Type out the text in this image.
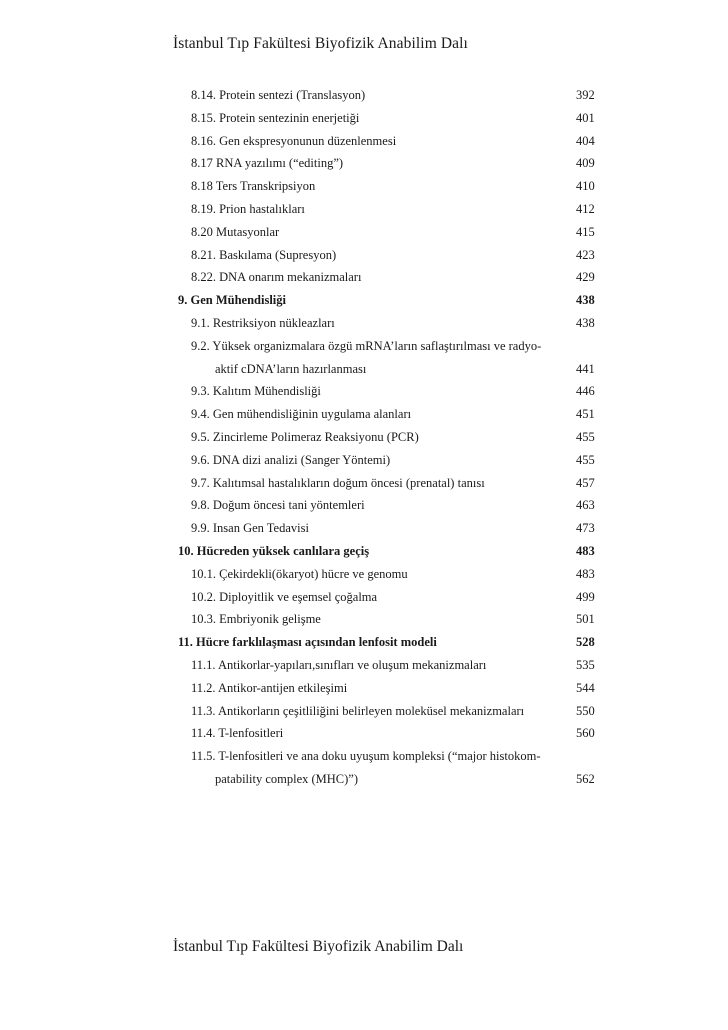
İstanbul Tıp Fakültesi Biyofizik Anabilim Dalı
8.14. Protein sentezi (Translasyon)	392
8.15. Protein sentezinin enerjetiği	401
8.16. Gen ekspresyonunun düzenlenmesi	404
8.17 RNA yazılımı (“editing”)	409
8.18 Ters Transkripsiyon	410
8.19. Prion hastalıkları	412
8.20 Mutasyonlar	415
8.21. Baskılama (Supresyon)	423
8.22. DNA onarım mekanizmaları	429
9. Gen Mühendisliği	438
9.1. Restriksiyon nükleazları	438
9.2. Yüksek organizmalara özgü mRNA’ların saflaştırılması ve radyo-
aktif cDNA’ların hazırlanması	441
9.3. Kalıtım Mühendisliği	446
9.4. Gen mühendisliğinin uygulama alanları	451
9.5. Zincirleme Polimeraz Reaksiyonu (PCR)	455
9.6. DNA dizi analizi (Sanger Yöntemi)	455
9.7. Kalıtımsal hastalıkların doğum öncesi (prenatal) tanısı	457
9.8. Doğum öncesi tani yöntemleri	463
9.9. Insan Gen Tedavisi	473
10. Hücreden yüksek canlılara geçiş	483
10.1. Çekirdekli(ökaryot) hücre ve genomu	483
10.2. Diployitlik ve eşemsel çoğalma	499
10.3. Embriyonik gelişme	501
11. Hücre farklılaşması açısından lenfosit modeli	528
11.1. Antikorlar-yapıları,sınıfları ve oluşum mekanizmaları	535
11.2. Antikor-antijen etkileşimi	544
11.3. Antikorların çeşitliliğini belirleyen moleküsel mekanizmaları	550
11.4. T-lenfositleri	560
11.5. T-lenfositleri ve ana doku uyuşum kompleksi (“major histokom-
patability complex (MHC)”)	562
İstanbul Tıp Fakültesi Biyofizik Anabilim Dalı
